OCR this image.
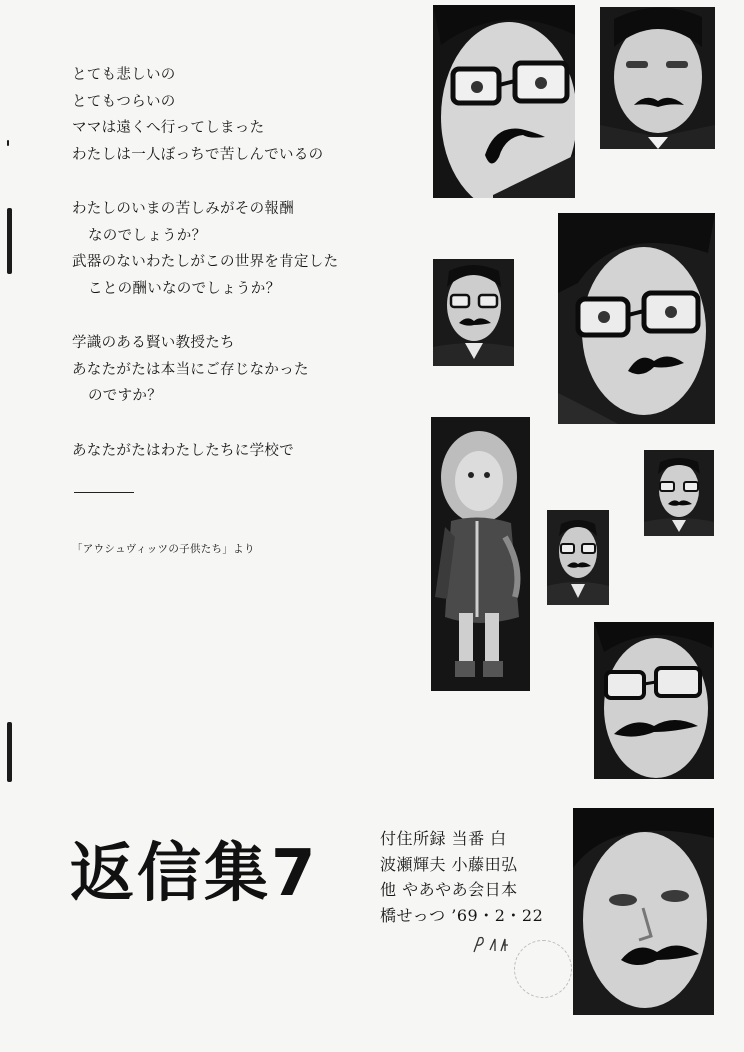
とても悲しいの
とてもつらいの
ママは遠くへ行ってしまった
わたしは一人ぼっちで苦しんでいるの
わたしのいまの苦しみがその報酬
なのでしょうか？
武器のないわたしがこの世界を肯定した
ことの酬いなのでしょうか？
学識のある賢い教授たち
あなたがたは本当にご存じなかった
のですか？
あなたがたはわたしたちに学校で
「アウシュヴィッツの子供たち」より
返信集7	付住所録 当番 白
波瀬輝夫 小藤田弘
他 やあやあ会日本
橋せっつ ’69・2・22
